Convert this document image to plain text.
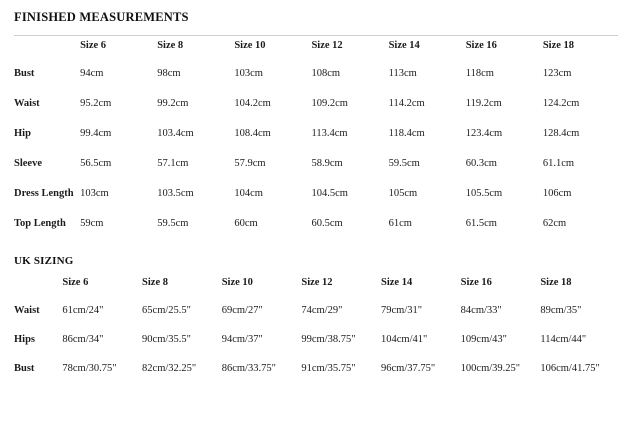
FINISHED MEASUREMENTS
	Size 6	Size 8	Size 10	Size 12	Size 14	Size 16	Size 18
Bust	94cm	98cm	103cm	108cm	113cm	118cm	123cm
Waist	95.2cm	99.2cm	104.2cm	109.2cm	114.2cm	119.2cm	124.2cm
Hip	99.4cm	103.4cm	108.4cm	113.4cm	118.4cm	123.4cm	128.4cm
Sleeve	56.5cm	57.1cm	57.9cm	58.9cm	59.5cm	60.3cm	61.1cm
Dress Length	103cm	103.5cm	104cm	104.5cm	105cm	105.5cm	106cm
Top Length	59cm	59.5cm	60cm	60.5cm	61cm	61.5cm	62cm
UK SIZING
	Size 6	Size 8	Size 10	Size 12	Size 14	Size 16	Size 18
Waist	61cm/24"	65cm/25.5"	69cm/27"	74cm/29"	79cm/31"	84cm/33"	89cm/35"
Hips	86cm/34"	90cm/35.5"	94cm/37"	99cm/38.75"	104cm/41"	109cm/43"	114cm/44"
Bust	78cm/30.75"	82cm/32.25"	86cm/33.75"	91cm/35.75"	96cm/37.75"	100cm/39.25"	106cm/41.75"
